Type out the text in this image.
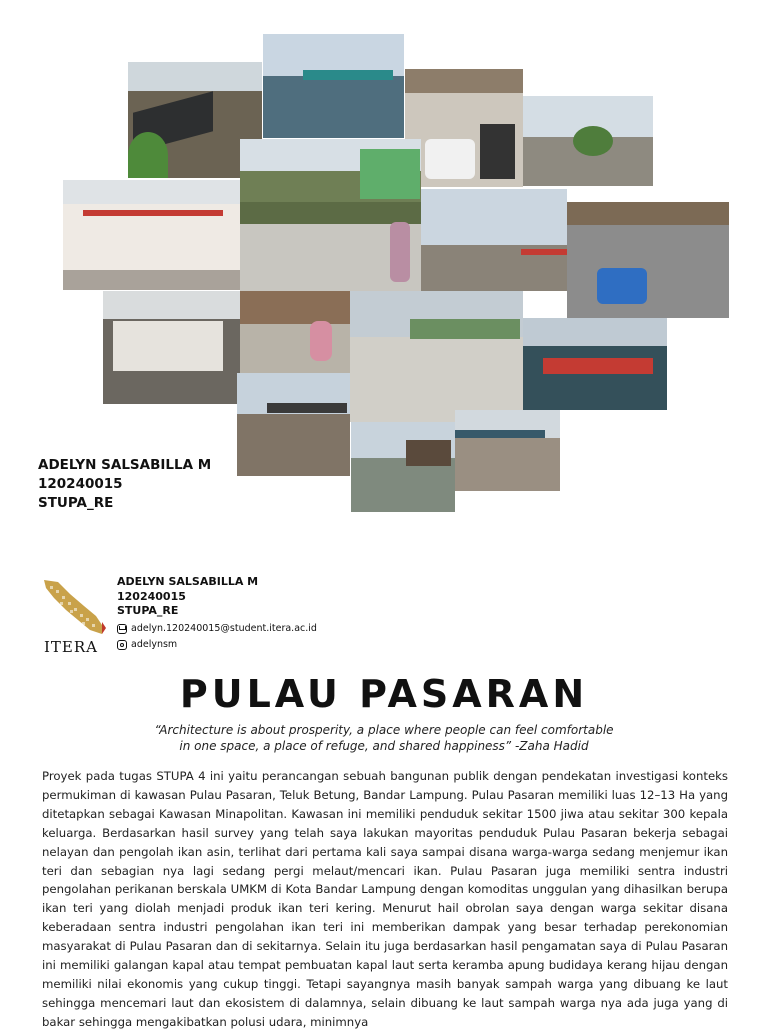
ADELYN SALSABILLA M
120240015
STUPA_RE
ITERA
ADELYN SALSABILLA M
120240015
STUPA_RE
adelyn.120240015@student.itera.ac.id
adelynsm
PULAU PASARAN
“Architecture is about prosperity, a place where people can feel comfortable
in one space, a place of refuge, and shared happiness” -Zaha Hadid
Proyek pada tugas STUPA 4 ini yaitu perancangan sebuah bangunan publik dengan pendekatan investigasi konteks permukiman di kawasan Pulau Pasaran, Teluk Betung, Bandar Lampung. Pulau Pasaran memiliki luas 12–13 Ha yang ditetapkan sebagai Kawasan Minapolitan. Kawasan ini memiliki penduduk sekitar 1500 jiwa atau sekitar 300 kepala keluarga. Berdasarkan hasil survey yang telah saya lakukan mayoritas penduduk Pulau Pasaran bekerja sebagai nelayan dan pengolah ikan asin, terlihat dari pertama kali saya sampai disana warga-warga sedang menjemur ikan teri dan sebagian nya lagi sedang pergi melaut/mencari ikan. Pulau Pasaran juga memiliki sentra industri pengolahan perikanan berskala UMKM di Kota Bandar Lampung dengan komoditas unggulan yang dihasilkan berupa ikan teri yang diolah menjadi produk ikan teri kering. Menurut hail obrolan saya dengan warga sekitar disana keberadaan sentra industri pengolahan ikan teri ini memberikan dampak yang besar terhadap perekonomian masyarakat di Pulau Pasaran dan di sekitarnya. Selain itu juga berdasarkan hasil pengamatan saya di Pulau Pasaran ini memiliki galangan kapal atau tempat pembuatan kapal laut serta keramba apung budidaya kerang hijau dengan memiliki nilai ekonomis yang cukup tinggi. Tetapi sayangnya masih banyak sampah warga yang dibuang ke laut sehingga mencemari laut dan ekosistem di dalamnya, selain dibuang ke laut sampah warga nya ada juga yang di bakar sehingga mengakibatkan polusi udara, minimnya
